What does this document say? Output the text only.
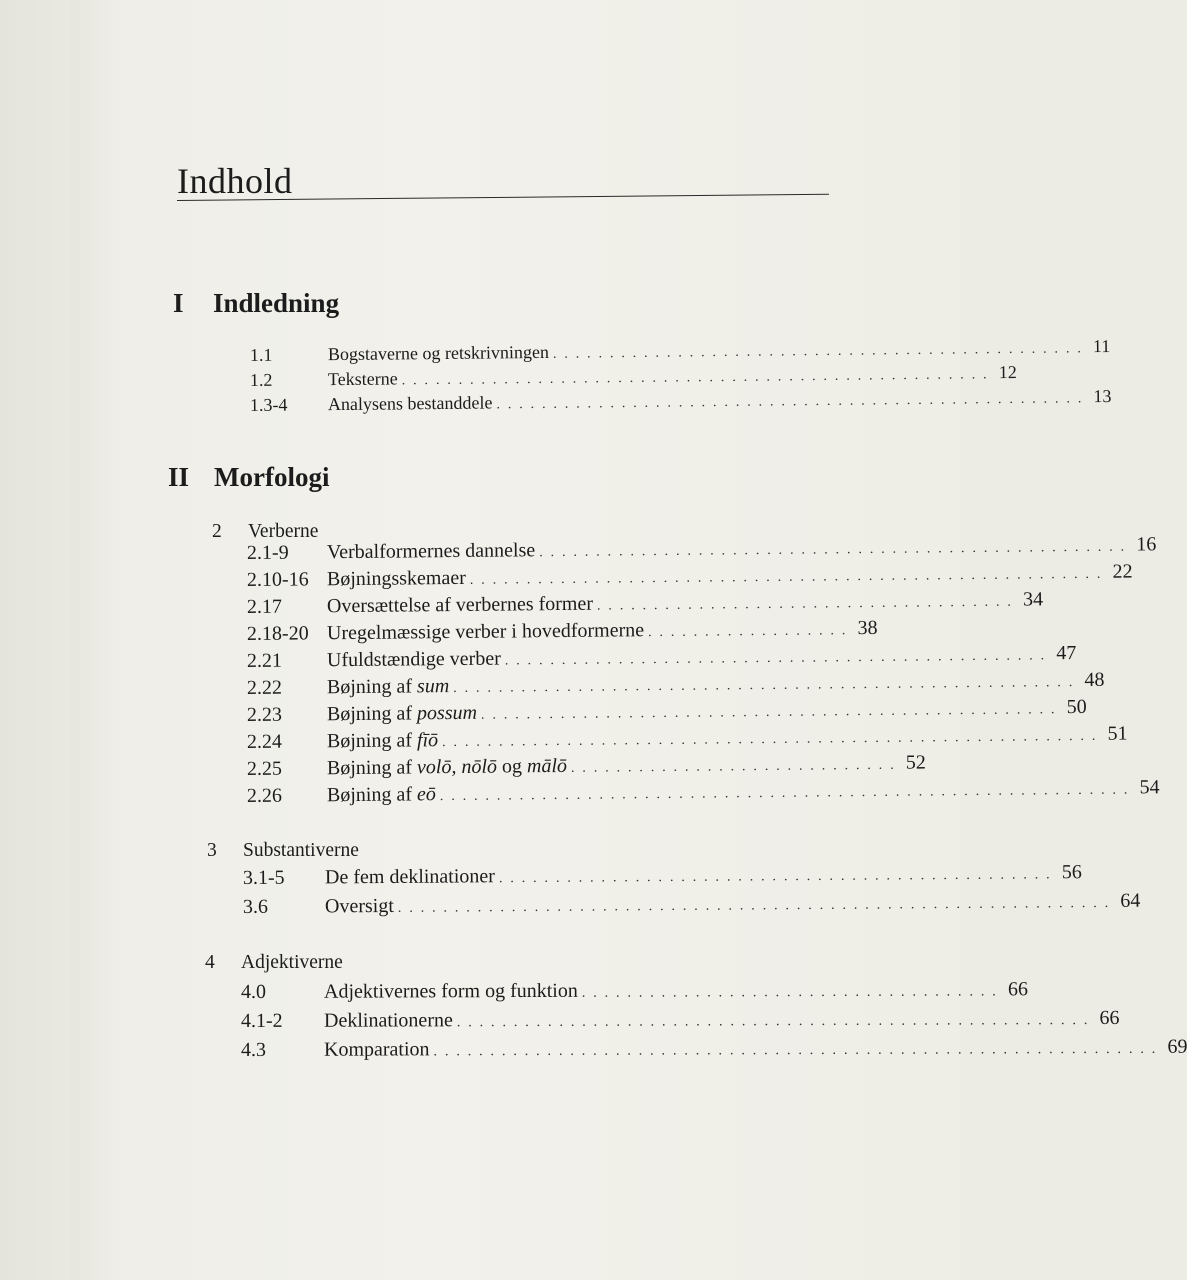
Indhold
I Indledning
1.1	Bogstaverne og retskrivningen . . . . . . . . . . . . . . . . . . . . . . . . . . . . . . . . . . . . . . . . . . . . . . . 11
1.2	Teksterne . . . . . . . . . . . . . . . . . . . . . . . . . . . . . . . . . . . . . . . . . . . . . . . . . . . . 12
1.3-4	Analysens bestanddele . . . . . . . . . . . . . . . . . . . . . . . . . . . . . . . . . . . . . . . . . . . . . . . . . . . . 13
II Morfologi
2 Verberne
2.1-9	Verbalformernes dannelse . . . . . . . . . . . . . . . . . . . . . . . . . . . . . . . . . . . . . . . . . . . . . . . . . . . . 16
2.10-16 Bøjningsskemaer . . . . . . . . . . . . . . . . . . . . . . . . . . . . . . . . . . . . . . . . . . . . . . . . . . . . . . . . 22
2.17	Oversættelse af verbernes former . . . . . . . . . . . . . . . . . . . . . . . . . . . . . . . . . . . . . 34
2.18-20 Uregelmæssige verber i hovedformerne . . . . . . . . . . . . . . . . . . 38
2.21	Ufuldstændige verber . . . . . . . . . . . . . . . . . . . . . . . . . . . . . . . . . . . . . . . . . . . . . . . . 47
2.22	Bøjning af sum . . . . . . . . . . . . . . . . . . . . . . . . . . . . . . . . . . . . . . . . . . . . . . . . . . . . . . . 48
2.23	Bøjning af possum . . . . . . . . . . . . . . . . . . . . . . . . . . . . . . . . . . . . . . . . . . . . . . . . . . . 50
2.24	Bøjning af fīō . . . . . . . . . . . . . . . . . . . . . . . . . . . . . . . . . . . . . . . . . . . . . . . . . . . . . . . . . . 51
2.25	Bøjning af volō, nōlō og mālō . . . . . . . . . . . . . . . . . . . . . . . . . . . . . 52
2.26	Bøjning af eō . . . . . . . . . . . . . . . . . . . . . . . . . . . . . . . . . . . . . . . . . . . . . . . . . . . . . . . . . . . . . 54
3 Substantiverne
3.1-5	De fem deklinationer . . . . . . . . . . . . . . . . . . . . . . . . . . . . . . . . . . . . . . . . . . . . . . . . . 56
3.6	Oversigt . . . . . . . . . . . . . . . . . . . . . . . . . . . . . . . . . . . . . . . . . . . . . . . . . . . . . . . . . . . . . . . 64
4 Adjektiverne
4.0	Adjektivernes form og funktion . . . . . . . . . . . . . . . . . . . . . . . . . . . . . . . . . . . . . 66
4.1-2	Deklinationerne . . . . . . . . . . . . . . . . . . . . . . . . . . . . . . . . . . . . . . . . . . . . . . . . . . . . . . . . 66
4.3	Komparation . . . . . . . . . . . . . . . . . . . . . . . . . . . . . . . . . . . . . . . . . . . . . . . . . . . . . . . . . . . . . . . . 69
